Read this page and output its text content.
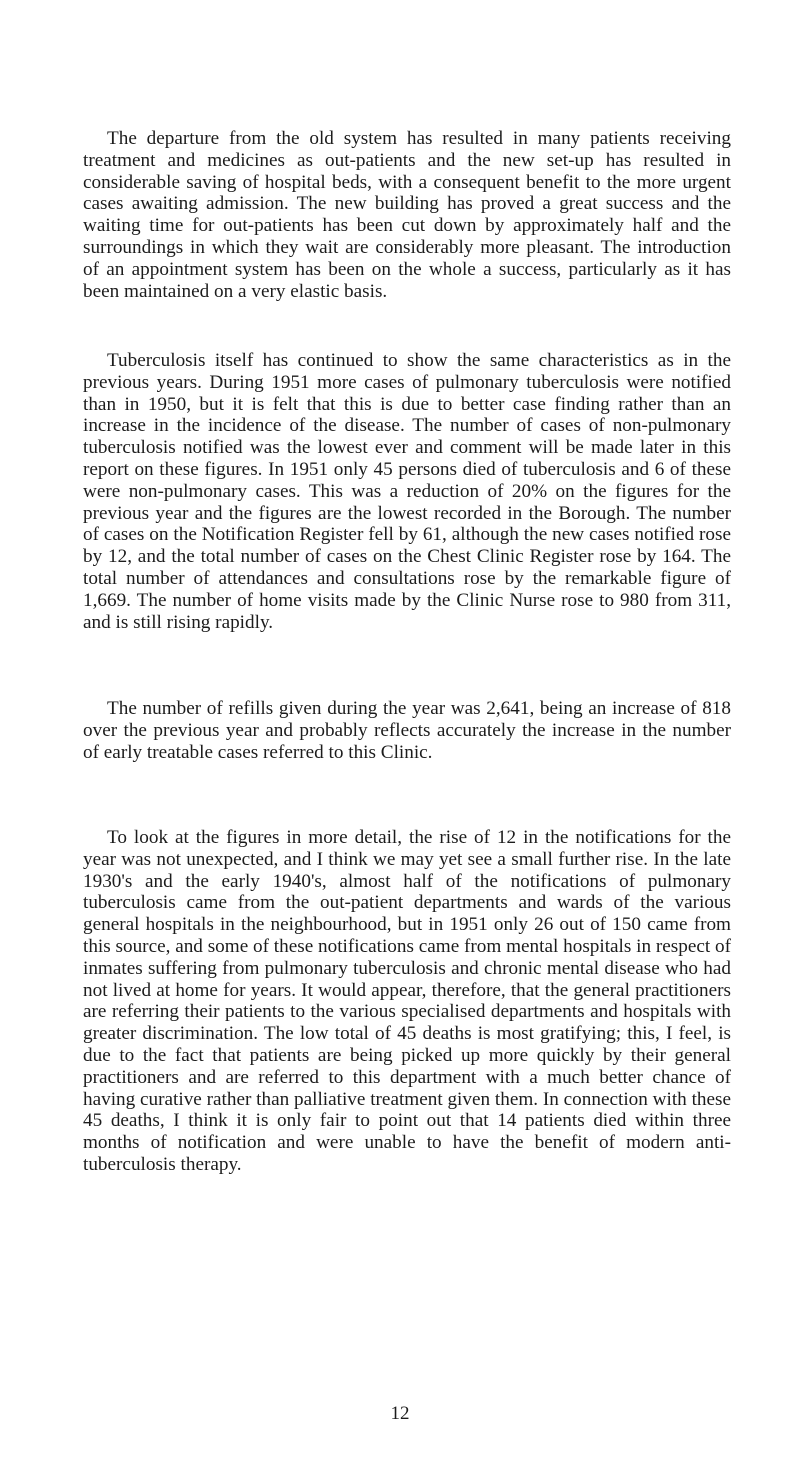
The departure from the old system has resulted in many patients receiving treatment and medicines as out-patients and the new set-up has resulted in considerable saving of hospital beds, with a consequent benefit to the more urgent cases awaiting admission. The new building has proved a great success and the waiting time for out-patients has been cut down by approximately half and the surroundings in which they wait are considerably more pleasant. The introduction of an appointment system has been on the whole a success, particularly as it has been maintained on a very elastic basis.

Tuberculosis itself has continued to show the same characteristics as in the previous years. During 1951 more cases of pulmonary tuberculosis were notified than in 1950, but it is felt that this is due to better case finding rather than an increase in the incidence of the disease. The number of cases of non-pulmonary tuberculosis notified was the lowest ever and comment will be made later in this report on these figures. In 1951 only 45 persons died of tuberculosis and 6 of these were non-pulmonary cases. This was a reduction of 20% on the figures for the previous year and the figures are the lowest recorded in the Borough. The number of cases on the Notification Register fell by 61, although the new cases notified rose by 12, and the total number of cases on the Chest Clinic Register rose by 164. The total number of attendances and consultations rose by the remarkable figure of 1,669. The number of home visits made by the Clinic Nurse rose to 980 from 311, and is still rising rapidly.

The number of refills given during the year was 2,641, being an increase of 818 over the previous year and probably reflects accurately the increase in the number of early treatable cases referred to this Clinic.

To look at the figures in more detail, the rise of 12 in the notifications for the year was not unexpected, and I think we may yet see a small further rise. In the late 1930's and the early 1940's, almost half of the notifications of pulmonary tuberculosis came from the out-patient departments and wards of the various general hospitals in the neighbourhood, but in 1951 only 26 out of 150 came from this source, and some of these notifications came from mental hospitals in respect of inmates suffering from pulmonary tuberculosis and chronic mental disease who had not lived at home for years. It would appear, therefore, that the general practitioners are referring their patients to the various specialised departments and hospitals with greater discrimination. The low total of 45 deaths is most gratifying; this, I feel, is due to the fact that patients are being picked up more quickly by their general practitioners and are referred to this department with a much better chance of having curative rather than palliative treatment given them. In connection with these 45 deaths, I think it is only fair to point out that 14 patients died within three months of notification and were unable to have the benefit of modern anti-tuberculosis therapy.

12
